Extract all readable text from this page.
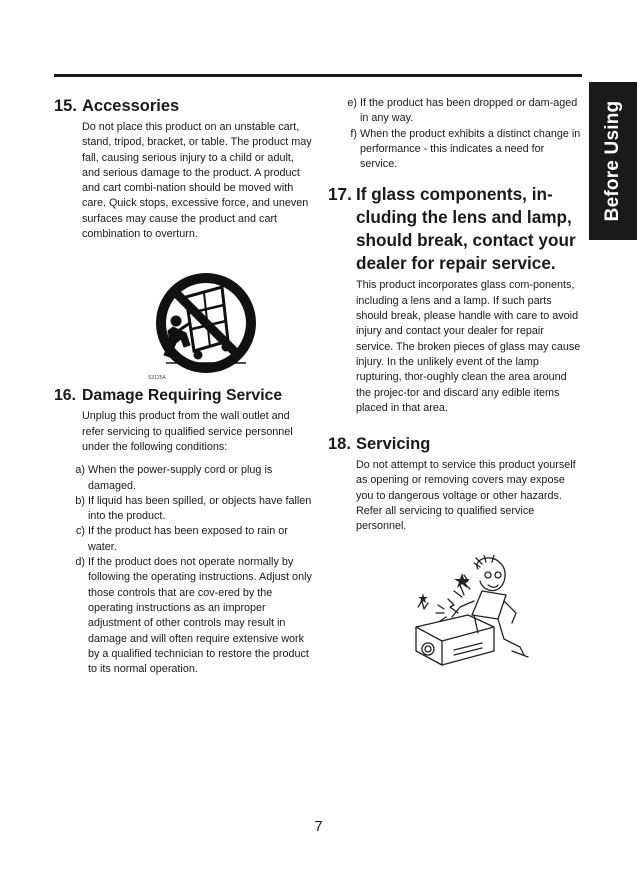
Before Using
15. Accessories

Do not place this product on an unstable cart, stand, tripod, bracket, or table. The product may fall, causing serious injury to a child or adult, and serious damage to the product. A product and cart combi-nation should be moved with care. Quick stops, excessive force, and uneven surfaces may cause the product and cart combination to overturn.

16. Damage Requiring Service

Unplug this product from the wall outlet and refer servicing to qualified service personnel under the following conditions:

a) When the power-supply cord or plug is damaged.
b) If liquid has been spilled, or objects have fallen into the product.
c) If the product has been exposed to rain or water.
d) If the product does not operate normally by following the operating instructions. Adjust only those controls that are cov-ered by the operating instructions as an improper adjustment of other controls may result in damage and will often require extensive work by a qualified technician to restore the product to its normal operation.
S3125A
e) If the product has been dropped or dam-aged in any way.
f) When the product exhibits a distinct change in performance - this indicates a need for service.
17. If glass components, in-cluding the lens and lamp, should break, contact your dealer for repair service.

This product incorporates glass com-ponents, including a lens and a lamp. If such parts should break, please handle with care to avoid injury and contact your dealer for repair service. The broken pieces of glass may cause injury. In the unlikely event of the lamp rupturing, thor-oughly clean the area around the projec-tor and discard any edible items placed in that area.

18. Servicing

Do not attempt to service this product yourself as opening or removing covers may expose you to dangerous voltage or other hazards. Refer all servicing to qualified service personnel.

7
